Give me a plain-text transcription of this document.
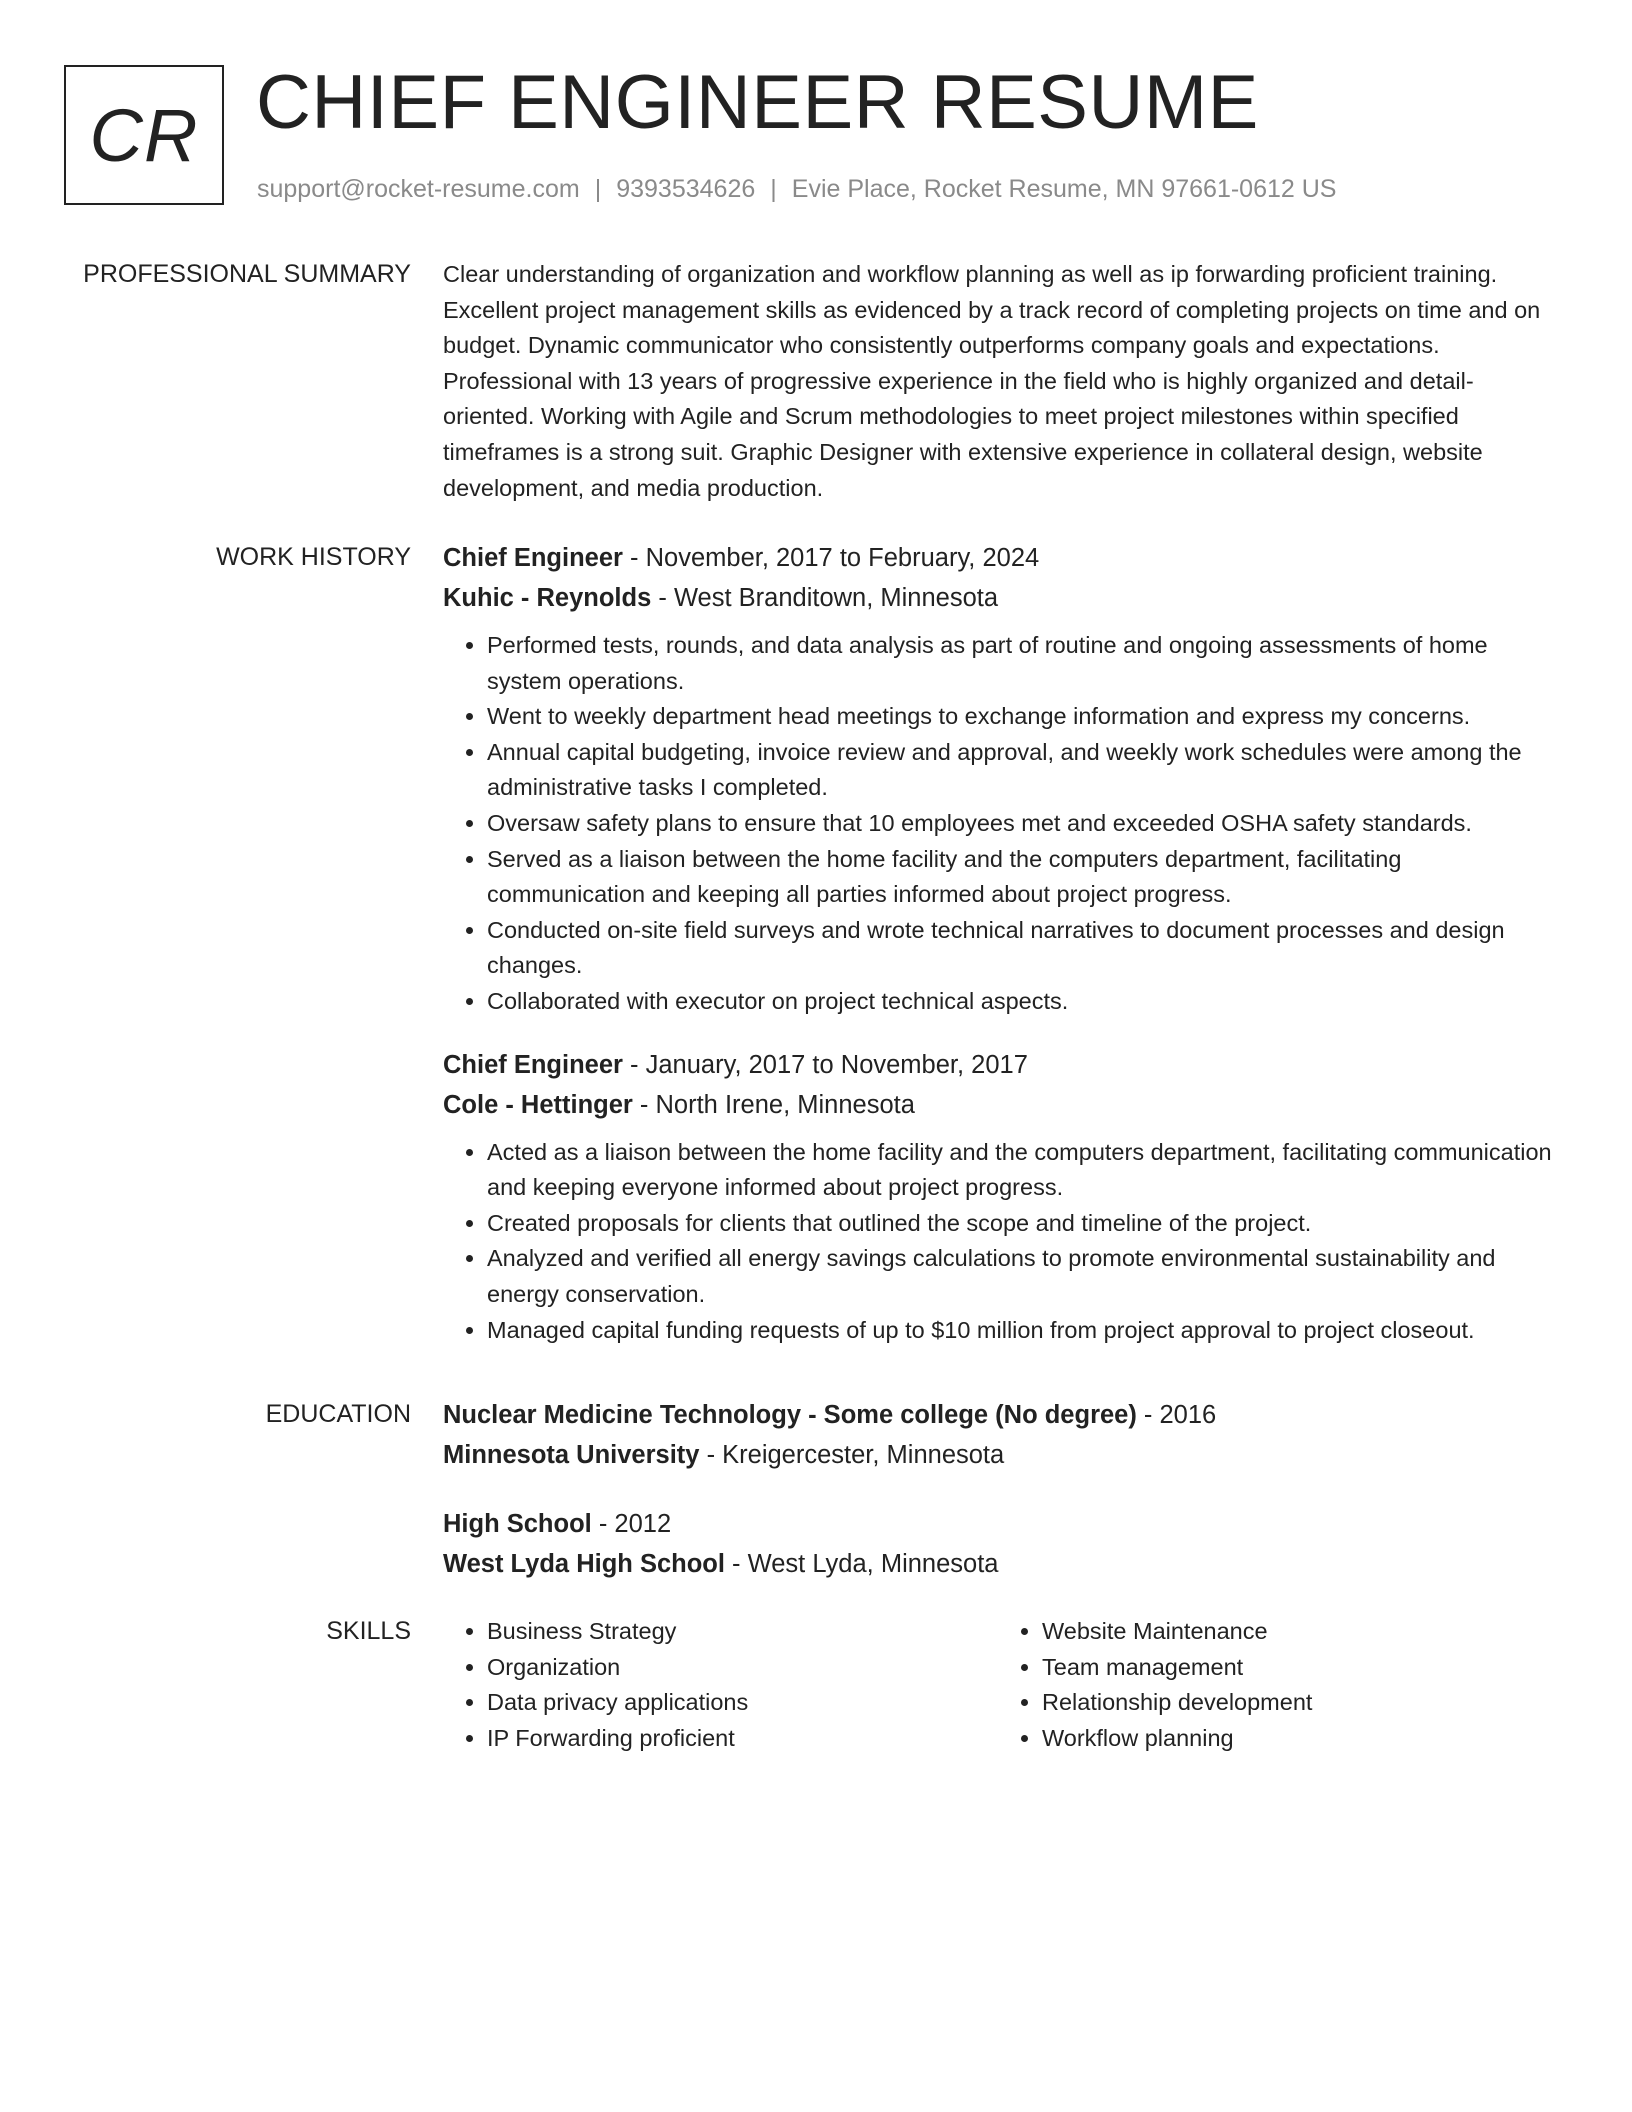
CR CHIEF ENGINEER RESUME
support@rocket-resume.com | 9393534626 | Evie Place, Rocket Resume, MN 97661-0612 US
PROFESSIONAL SUMMARY Clear understanding of organization and workflow planning as well as ip forwarding proficient training. Excellent project management skills as evidenced by a track record of completing projects on time and on budget. Dynamic communicator who consistently outperforms company goals and expectations. Professional with 13 years of progressive experience in the field who is highly organized and detail-oriented. Working with Agile and Scrum methodologies to meet project milestones within specified timeframes is a strong suit. Graphic Designer with extensive experience in collateral design, website development, and media production.

WORK HISTORY Chief Engineer - November, 2017 to February, 2024
Kuhic - Reynolds - West Branditown, Minnesota
• Performed tests, rounds, and data analysis as part of routine and ongoing assessments of home system operations.
• Went to weekly department head meetings to exchange information and express my concerns.
• Annual capital budgeting, invoice review and approval, and weekly work schedules were among the administrative tasks I completed.
• Oversaw safety plans to ensure that 10 employees met and exceeded OSHA safety standards.
• Served as a liaison between the home facility and the computers department, facilitating communication and keeping all parties informed about project progress.
• Conducted on-site field surveys and wrote technical narratives to document processes and design changes.
• Collaborated with executor on project technical aspects.
Chief Engineer - January, 2017 to November, 2017
Cole - Hettinger - North Irene, Minnesota
• Acted as a liaison between the home facility and the computers department, facilitating communication and keeping everyone informed about project progress.
• Created proposals for clients that outlined the scope and timeline of the project.
• Analyzed and verified all energy savings calculations to promote environmental sustainability and energy conservation.
• Managed capital funding requests of up to $10 million from project approval to project closeout.
EDUCATION Nuclear Medicine Technology - Some college (No degree) - 2016
Minnesota University - Kreigercester, Minnesota
High School - 2012
West Lyda High School - West Lyda, Minnesota
SKILLS
•	Business Strategy
• Organization
• Data privacy applications
• IP Forwarding proficient
• Website Maintenance
• Team management
• Relationship development
• Workflow planning
